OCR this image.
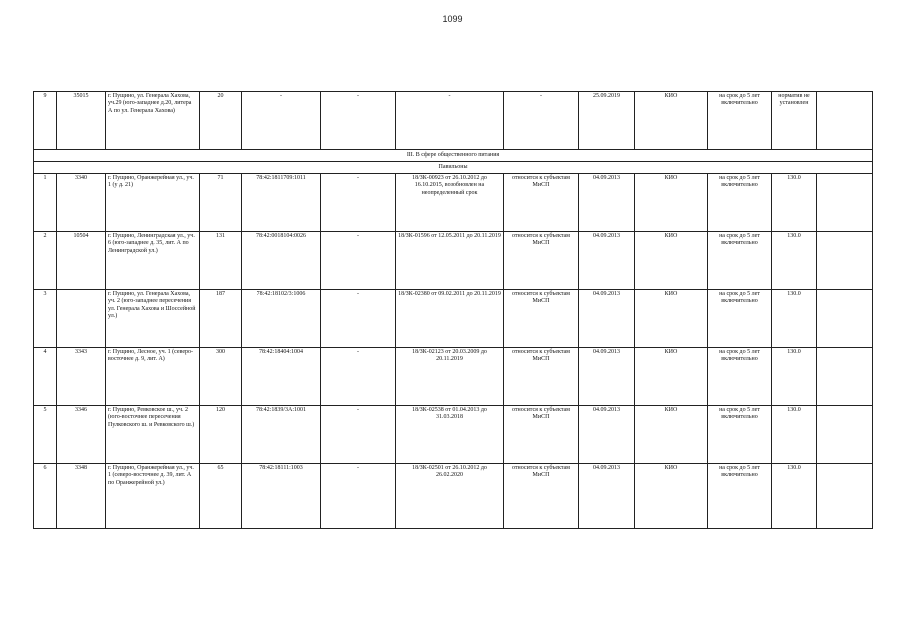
1099
9	35015	г. Пущино, ул. Генерала Хахова, уч.29 (юго-западнее д.20, литера А по ул. Генерала Хахова)	20	-	-	-	-	25.09.2019	КИО	на срок до 5 лет включительно	норматив не установлен	
III. В сфере общественного питания												
Павильоны												
1	3340	г. Пущино, Оранжерейная ул., уч. 1 (у д. 21)	71	78:42:1811709:1011	-	18/ЗК-00923 от 26.10.2012 до 16.10.2015, возобновлен на неопределенный срок	относится к субъектам МиСП	04.09.2013	КИО	на срок до 5 лет включительно	130.0	
2	10504	г. Пущино, Ленинградская ул., уч. 6 (юго-западнее д. 35, лит. А по Ленинградской ул.)	131	78:42:0018104:0026	-	18/ЗК-01596 от 12.05.2011 до 20.11.2019	относится к субъектам МиСП	04.09.2013	КИО	на срок до 5 лет включительно	130.0	
3		г. Пущино, ул. Генерала Хахова, уч. 2 (юго-западнее пересечения ул. Генерала Хахова и Шоссейной ул.)	187	78:42:18102/3:1006	-	18/ЗК-02380 от 09.02.2011 до 20.11.2019	относится к субъектам МиСП	04.09.2013	КИО	на срок до 5 лет включительно	130.0	
4	3343	г. Пущино, Лесное, уч. 1 (северо-восточнее д. 9, лит. А)	300	78:42:18404:1004	-	18/ЗК-02123 от 20.03.2009 до 20.11.2019	относится к субъектам МиСП	04.09.2013	КИО	на срок до 5 лет включительно	130.0	
5	3346	г. Пущино, Ревковское ш., уч. 2 (юго-восточнее пересечения Пулковского ш. и Ревковского ш.)	120	78:42:1839/3А:1001	-	18/ЗК-02538 от 01.04.2013 до 31.03.2018	относится к субъектам МиСП	04.09.2013	КИО	на срок до 5 лет включительно	130.0	
6	3348	г. Пущино, Оранжерейная ул., уч. 1 (северо-восточнее д. 39, лит. А по Оранжерейной ул.)	65	78:42:18111:1003	-	18/ЗК-02501 от 26.10.2012 до 26.02.2020	относится к субъектам МиСП	04.09.2013	КИО	на срок до 5 лет включительно	130.0	
